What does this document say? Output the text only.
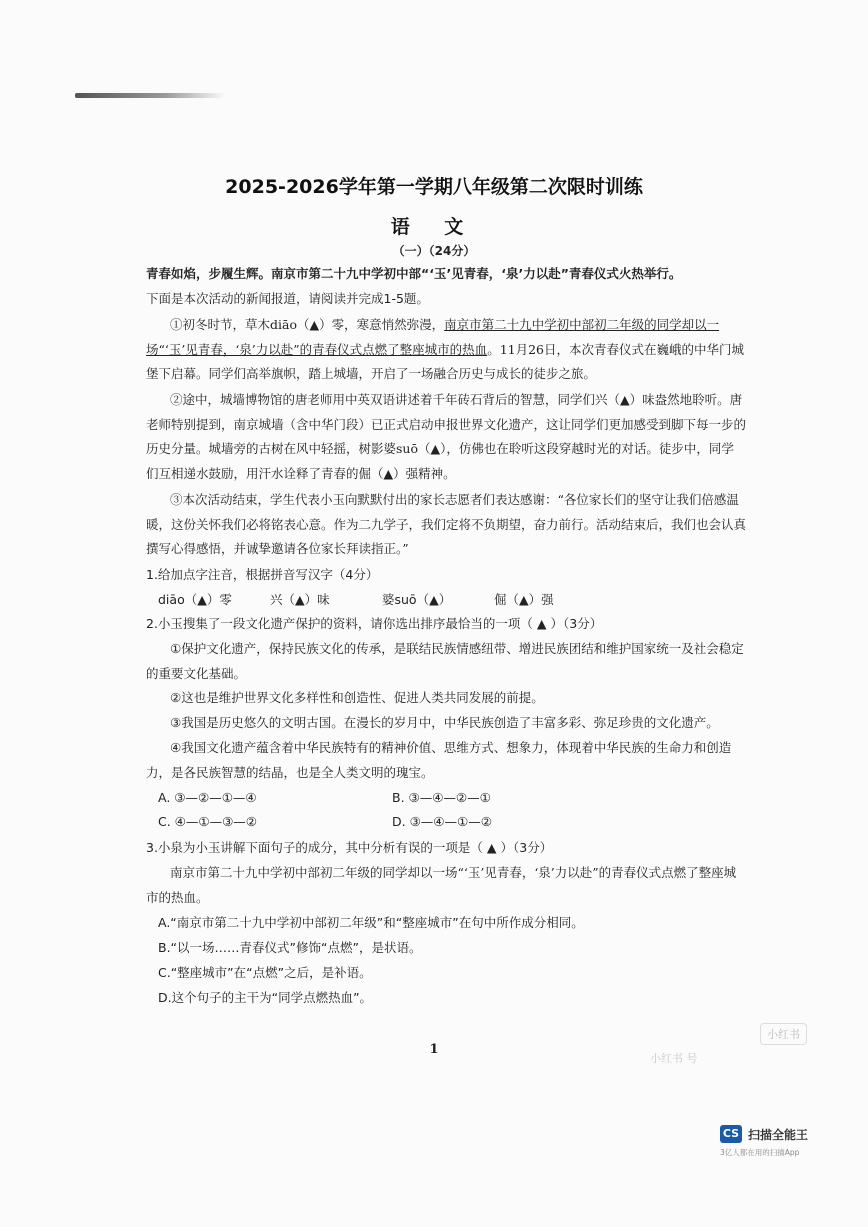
2025-2026学年第一学期八年级第二次限时训练
语 文
（一）（24分）

青春如焰，步履生辉。南京市第二十九中学初中部“‘玉’见青春，‘泉’力以赴”青春仪式火热举行。

下面是本次活动的新闻报道，请阅读并完成1-5题。

①初冬时节，草木diāo（▲）零，寒意悄然弥漫，南京市第二十九中学初中部初二年级的同学却以一场“‘玉’见青春，‘泉’力以赴”的青春仪式点燃了整座城市的热血。11月26日，本次青春仪式在巍峨的中华门城堡下启幕。同学们高举旗帜，踏上城墙，开启了一场融合历史与成长的徒步之旅。

②途中，城墙博物馆的唐老师用中英双语讲述着千年砖石背后的智慧，同学们兴（▲）味盎然地聆听。唐老师特别提到，南京城墙（含中华门段）已正式启动申报世界文化遗产，这让同学们更加感受到脚下每一步的历史分量。城墙旁的古树在风中轻摇，树影婆suō（▲），仿佛也在聆听这段穿越时光的对话。徒步中，同学们互相递水鼓励，用汗水诠释了青春的倔（▲）强精神。

③本次活动结束，学生代表小玉向默默付出的家长志愿者们表达感谢：“各位家长们的坚守让我们倍感温暖，这份关怀我们必将铭表心意。作为二九学子，我们定将不负期望，奋力前行。活动结束后，我们也会认真撰写心得感悟，并诚挚邀请各位家长拜读指正。”

1.给加点字注音，根据拼音写汉字（4分）

diāo（▲）零	兴（▲）味	婆suō（▲）	倔（▲）强

2.小玉搜集了一段文化遗产保护的资料，请你选出排序最恰当的一项（ ▲ ）（3分）

①保护文化遗产，保持民族文化的传承，是联结民族情感纽带、增进民族团结和维护国家统一及社会稳定的重要文化基础。

②这也是维护世界文化多样性和创造性、促进人类共同发展的前提。

③我国是历史悠久的文明古国。在漫长的岁月中，中华民族创造了丰富多彩、弥足珍贵的文化遗产。

④我国文化遗产蕴含着中华民族特有的精神价值、思维方式、想象力，体现着中华民族的生命力和创造力，是各民族智慧的结晶，也是全人类文明的瑰宝。

A. ③—②—①—④	B. ③—④—②—①
C. ④—①—③—②	D. ③—④—①—②

3.小泉为小玉讲解下面句子的成分，其中分析有误的一项是（ ▲ ）（3分）

南京市第二十九中学初中部初二年级的同学却以一场“‘玉’见青春，‘泉’力以赴”的青春仪式点燃了整座城市的热血。

A.“南京市第二十九中学初中部初二年级”和“整座城市”在句中所作成分相同。

B.“以一场……青春仪式”修饰“点燃”，是状语。

C.“整座城市”在“点燃”之后，是补语。

D.这个句子的主干为“同学点燃热血”。

1
小红书 号
小红书
CS 扫描全能王
3亿人都在用的扫描App
